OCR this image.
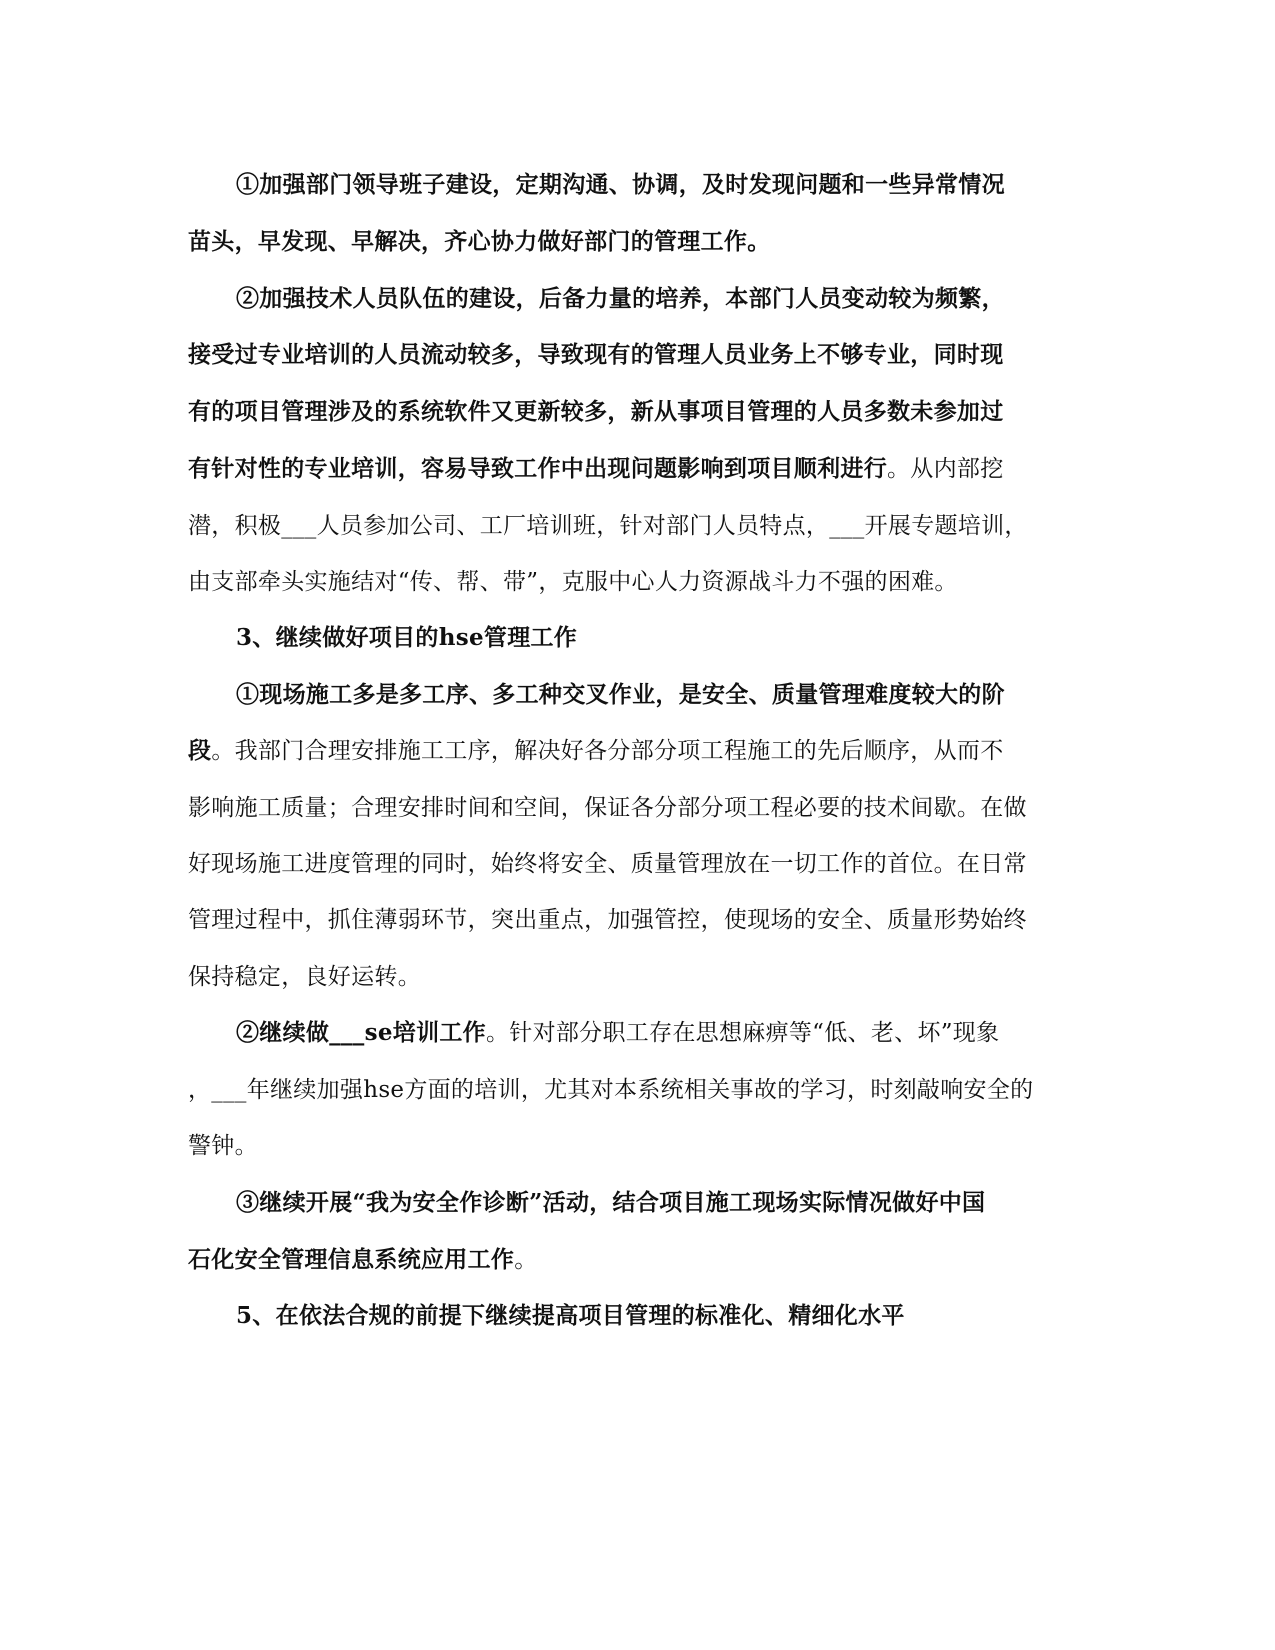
①加强部门领导班子建设，定期沟通、协调，及时发现问题和一些异常情况
苗头，早发现、早解决，齐心协力做好部门的管理工作。
②加强技术人员队伍的建设，后备力量的培养，本部门人员变动较为频繁，
接受过专业培训的人员流动较多，导致现有的管理人员业务上不够专业，同时现
有的项目管理涉及的系统软件又更新较多，新从事项目管理的人员多数未参加过
有针对性的专业培训，容易导致工作中出现问题影响到项目顺利进行。从内部挖
潜，积极___人员参加公司、工厂培训班，针对部门人员特点，___开展专题培训，
由支部牵头实施结对“传、帮、带”，克服中心人力资源战斗力不强的困难。
3、继续做好项目的hse管理工作
①现场施工多是多工序、多工种交叉作业，是安全、质量管理难度较大的阶
段。我部门合理安排施工工序，解决好各分部分项工程施工的先后顺序，从而不
影响施工质量；合理安排时间和空间，保证各分部分项工程必要的技术间歇。在做
好现场施工进度管理的同时，始终将安全、质量管理放在一切工作的首位。在日常
管理过程中，抓住薄弱环节，突出重点，加强管控，使现场的安全、质量形势始终
保持稳定，良好运转。
②继续做___se培训工作。针对部分职工存在思想麻痹等“低、老、坏”现象
，___年继续加强hse方面的培训，尤其对本系统相关事故的学习，时刻敲响安全的
警钟。
③继续开展“我为安全作诊断”活动，结合项目施工现场实际情况做好中国
石化安全管理信息系统应用工作。
5、在依法合规的前提下继续提高项目管理的标准化、精细化水平
